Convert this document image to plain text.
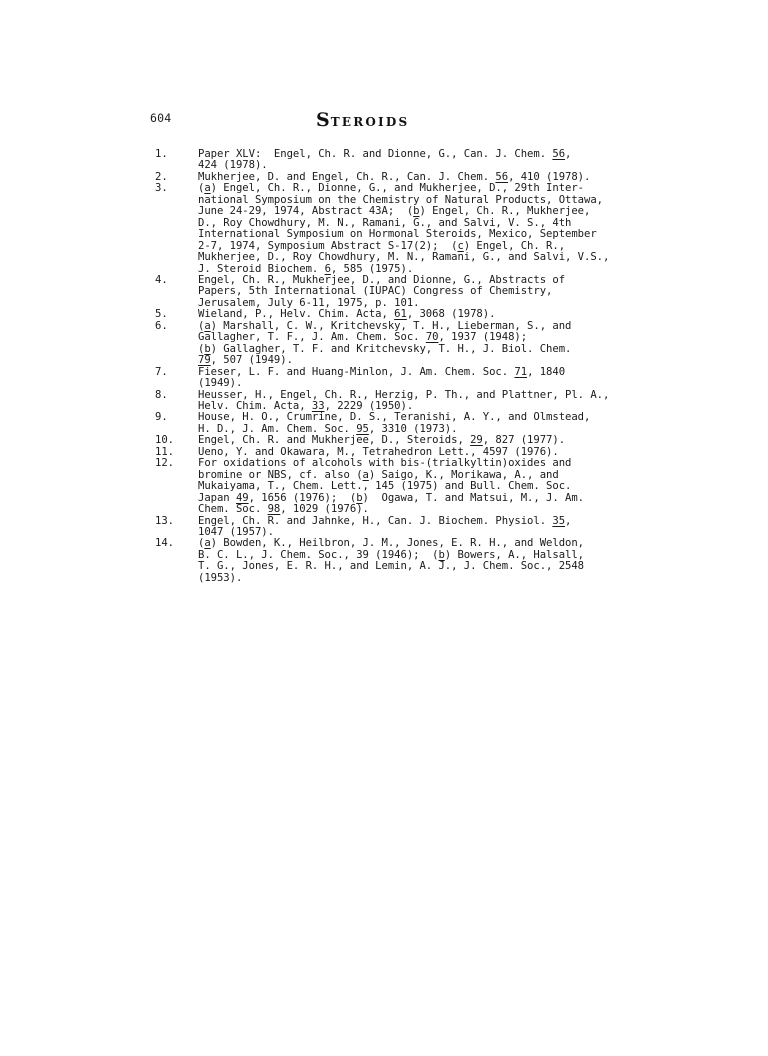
604	STEROIDS
1.	Paper XLV:  Engel, Ch. R. and Dionne, G., Can. J. Chem. 56,
424 (1978).
2.	Mukherjee, D. and Engel, Ch. R., Can. J. Chem. 56, 410 (1978).
3.	(a) Engel, Ch. R., Dionne, G., and Mukherjee, D., 29th Inter-
national Symposium on the Chemistry of Natural Products, Ottawa,
June 24-29, 1974, Abstract 43A;  (b) Engel, Ch. R., Mukherjee,
D., Roy Chowdhury, M. N., Ramani, G., and Salvi, V. S., 4th
International Symposium on Hormonal Steroids, Mexico, September
2-7, 1974, Symposium Abstract S-17(2);  (c) Engel, Ch. R.,
Mukherjee, D., Roy Chowdhury, M. N., Ramani, G., and Salvi, V.S.,
J. Steroid Biochem. 6, 585 (1975).
4.	Engel, Ch. R., Mukherjee, D., and Dionne, G., Abstracts of
Papers, 5th International (IUPAC) Congress of Chemistry,
Jerusalem, July 6-11, 1975, p. 101.
5.	Wieland, P., Helv. Chim. Acta, 61, 3068 (1978).
6.	(a) Marshall, C. W., Kritchevsky, T. H., Lieberman, S., and
Gallagher, T. F., J. Am. Chem. Soc. 70, 1937 (1948);
(b) Gallagher, T. F. and Kritchevsky, T. H., J. Biol. Chem.
79, 507 (1949).
7.	Fieser, L. F. and Huang-Minlon, J. Am. Chem. Soc. 71, 1840
(1949).
8.	Heusser, H., Engel, Ch. R., Herzig, P. Th., and Plattner, Pl. A.,
Helv. Chim. Acta, 33, 2229 (1950).
9.	House, H. O., Crumrine, D. S., Teranishi, A. Y., and Olmstead,
H. D., J. Am. Chem. Soc. 95, 3310 (1973).
10.	Engel, Ch. R. and Mukherjee, D., Steroids, 29, 827 (1977).
11.	Ueno, Y. and Okawara, M., Tetrahedron Lett., 4597 (1976).
12.	For oxidations of alcohols with bis-(trialkyltin)oxides and
bromine or NBS, cf. also (a) Saigo, K., Morikawa, A., and
Mukaiyama, T., Chem. Lett., 145 (1975) and Bull. Chem. Soc.
Japan 49, 1656 (1976);  (b)  Ogawa, T. and Matsui, M., J. Am.
Chem. Soc. 98, 1029 (1976).
13.	Engel, Ch. R. and Jahnke, H., Can. J. Biochem. Physiol. 35,
1047 (1957).
14.	(a) Bowden, K., Heilbron, J. M., Jones, E. R. H., and Weldon,
B. C. L., J. Chem. Soc., 39 (1946);  (b) Bowers, A., Halsall,
T. G., Jones, E. R. H., and Lemin, A. J., J. Chem. Soc., 2548
(1953).
